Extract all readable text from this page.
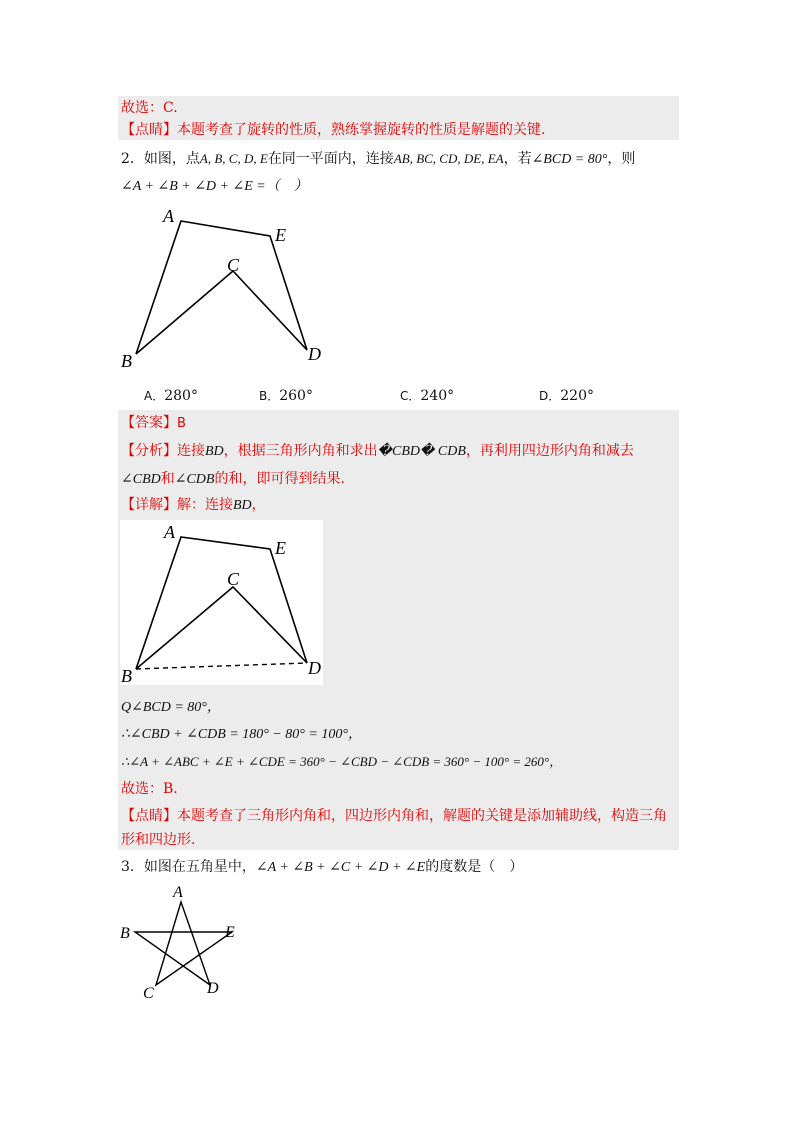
故选：C.
【点睛】本题考查了旋转的性质，熟练掌握旋转的性质是解题的关键.
2．如图，点A, B, C, D, E在同一平面内，连接AB, BC, CD, DE, EA，若∠BCD = 80°，则
∠A + ∠B + ∠D + ∠E =（　）
A
E
C
B	D
A．280°	B．260°	C．240°	D．220°
【答案】B
【分析】连接BD，根据三角形内角和求出�CBD� CDB，再利用四边形内角和减去
∠CBD和∠CDB的和，即可得到结果.
【详解】解：连接BD，
A
E
C
B	D
Q∠BCD = 80°，
∴∠CBD + ∠CDB = 180° − 80° = 100°，
∴∠A + ∠ABC + ∠E + ∠CDE = 360° − ∠CBD − ∠CDB = 360° − 100° = 260°，
故选：B.
【点睛】本题考查了三角形内角和，四边形内角和，解题的关键是添加辅助线，构造三角
形和四边形.
3．如图在五角星中，∠A + ∠B + ∠C + ∠D + ∠E的度数是（　）
A
B	E
C	D
